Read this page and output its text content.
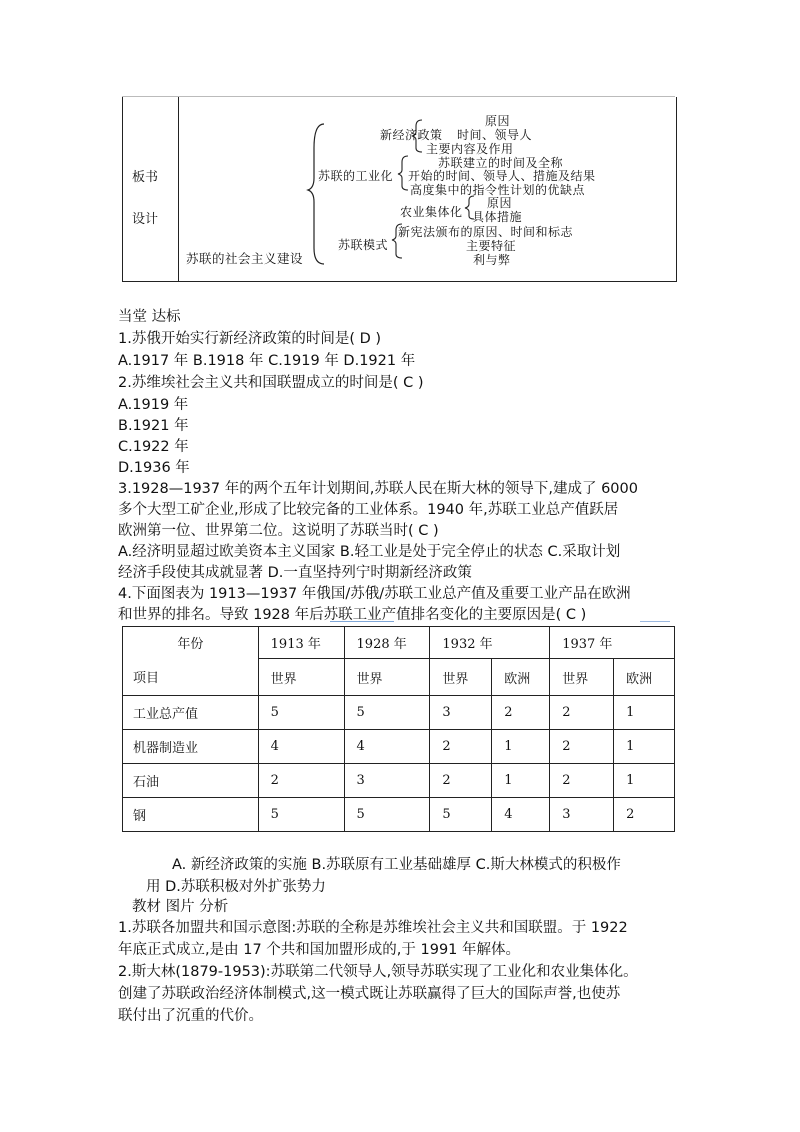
板书
设计
苏联的社会主义建设
新经济政策
原因
时间、领导人
主要内容及作用
苏联的工业化
苏联建立的时间及全称
开始的时间、领导人、措施及结果
高度集中的指令性计划的优缺点
农业集体化
原因
具体措施
苏联模式
新宪法颁布的原因、时间和标志
主要特征
利与弊
当堂 达标
1.苏俄开始实行新经济政策的时间是( D )
A.1917 年 B.1918 年 C.1919 年 D.1921 年
2.苏维埃社会主义共和国联盟成立的时间是( C )
A.1919 年
B.1921 年
C.1922 年
D.1936 年
3.1928—1937 年的两个五年计划期间,苏联人民在斯大林的领导下,建成了 6000
多个大型工矿企业,形成了比较完备的工业体系。1940 年,苏联工业总产值跃居
欧洲第一位、世界第二位。这说明了苏联当时( C )
A.经济明显超过欧美资本主义国家 B.轻工业是处于完全停止的状态 C.采取计划
经济手段使其成就显著 D.一直坚持列宁时期新经济政策
4.下面图表为 1913—1937 年俄国/苏俄/苏联工业总产值及重要工业产品在欧洲
和世界的排名。导致 1928 年后苏联工业产值排名变化的主要原因是( C )
年份	1913 年	1928 年	1932 年		1937 年	
项目	世界	世界	世界	欧洲	世界	欧洲
工业总产值	5	5	3	2	2	1
机器制造业	4	4	2	1	2	1
石油	2	3	2	1	2	1
钢	5	5	5	4	3	2
A. 新经济政策的实施 B.苏联原有工业基础雄厚 C.斯大林模式的积极作
用 D.苏联积极对外扩张势力
教材 图片 分析
1.苏联各加盟共和国示意图:苏联的全称是苏维埃社会主义共和国联盟。于 1922
年底正式成立,是由 17 个共和国加盟形成的,于 1991 年解体。
2.斯大林(1879-1953):苏联第二代领导人,领导苏联实现了工业化和农业集体化。
创建了苏联政治经济体制模式,这一模式既让苏联赢得了巨大的国际声誉,也使苏
联付出了沉重的代价。
